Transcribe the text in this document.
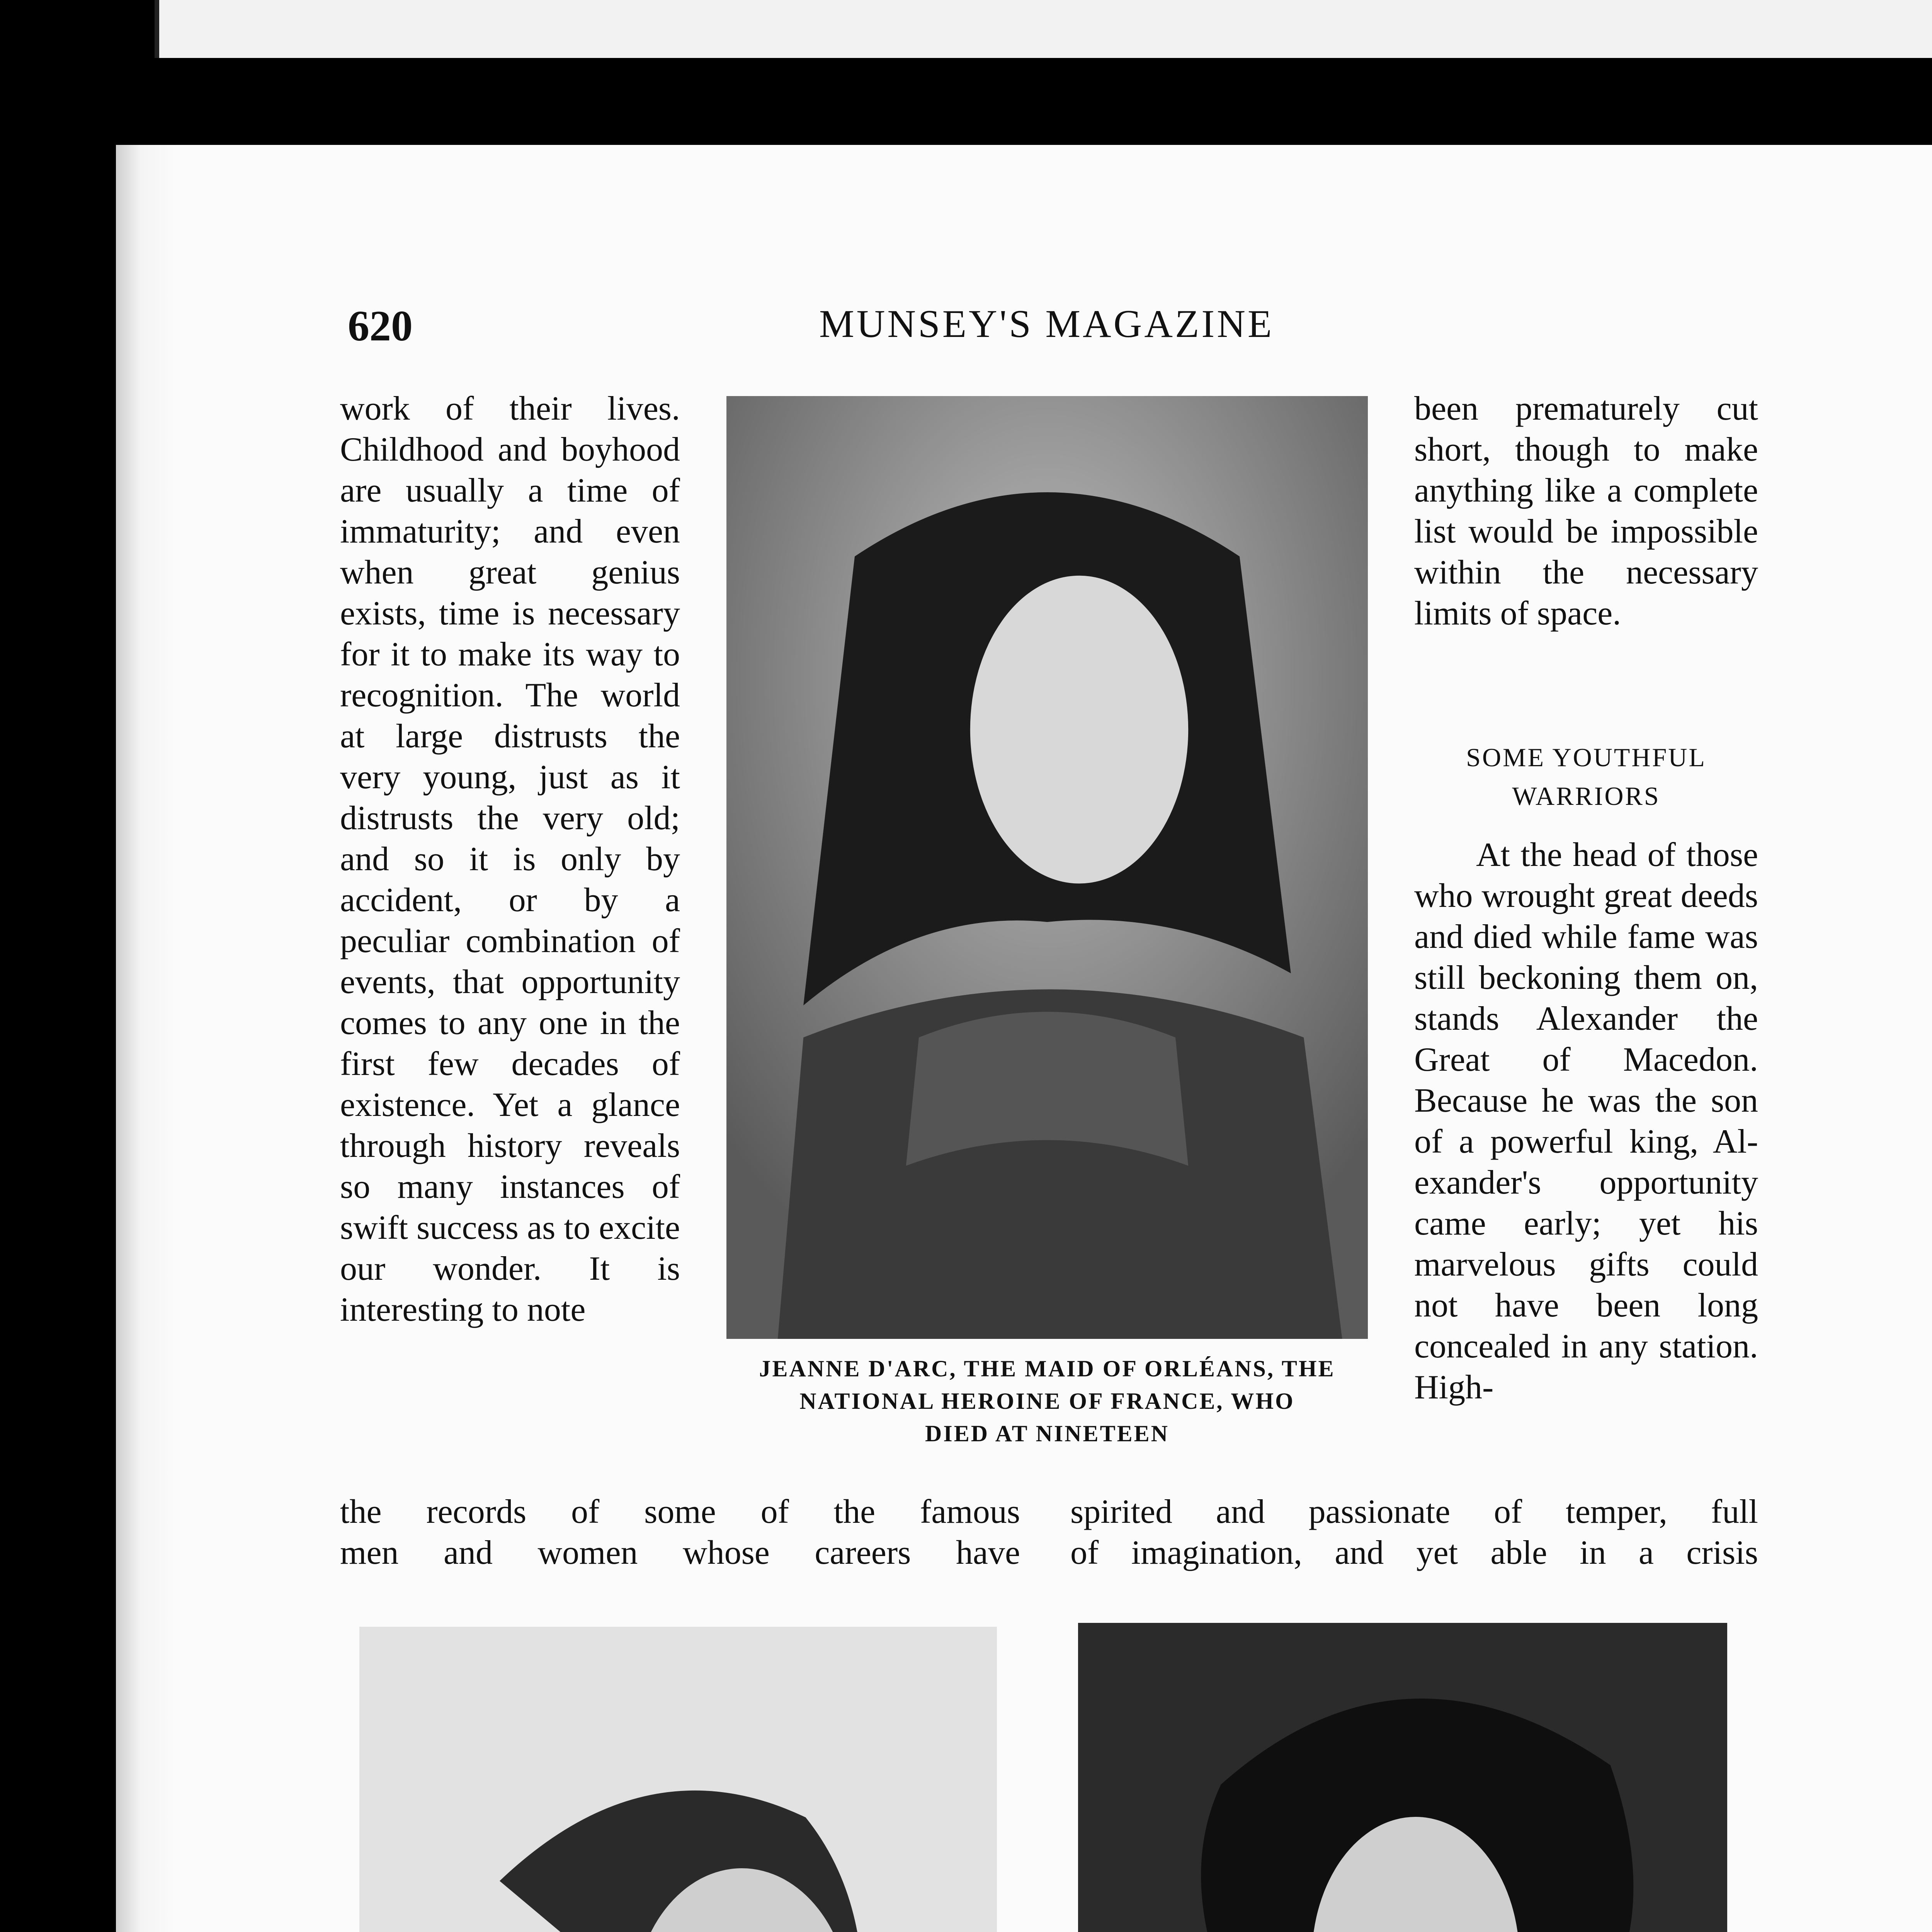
620	MUNSEY'S MAGAZINE
work of their lives. Childhood and boyhood are usually a time of immaturity; and even when great genius exists, time is necessary for it to make its way to recognition. The world at large distrusts the very young, just as it distrusts the very old; and so it is only by accident, or by a peculiar combination of events, that opportunity comes to any one in the first few decades of existence. Yet a glance through history reveals so many instances of swift success as to excite our wonder. It is interesting to note
JEANNE D'ARC, THE MAID OF ORLÉANS, THE
NATIONAL HEROINE OF FRANCE, WHO
DIED AT NINETEEN
been prematurely cut short, though to make anything like a complete list would be impossible within the necessary limits of space.
SOME YOUTHFUL
WARRIORS
At the head of those who wrought great deeds and died while fame was still beckoning them on, stands Alexander the Great of Macedon. Because he was the son of a powerful king, Alexander's opportunity came early; yet his marvelous gifts could not have been long concealed in any station. High-
the records of some of the famous spirited and passionate of temper, full
men and women whose careers have of imagination, and yet able in a crisis
